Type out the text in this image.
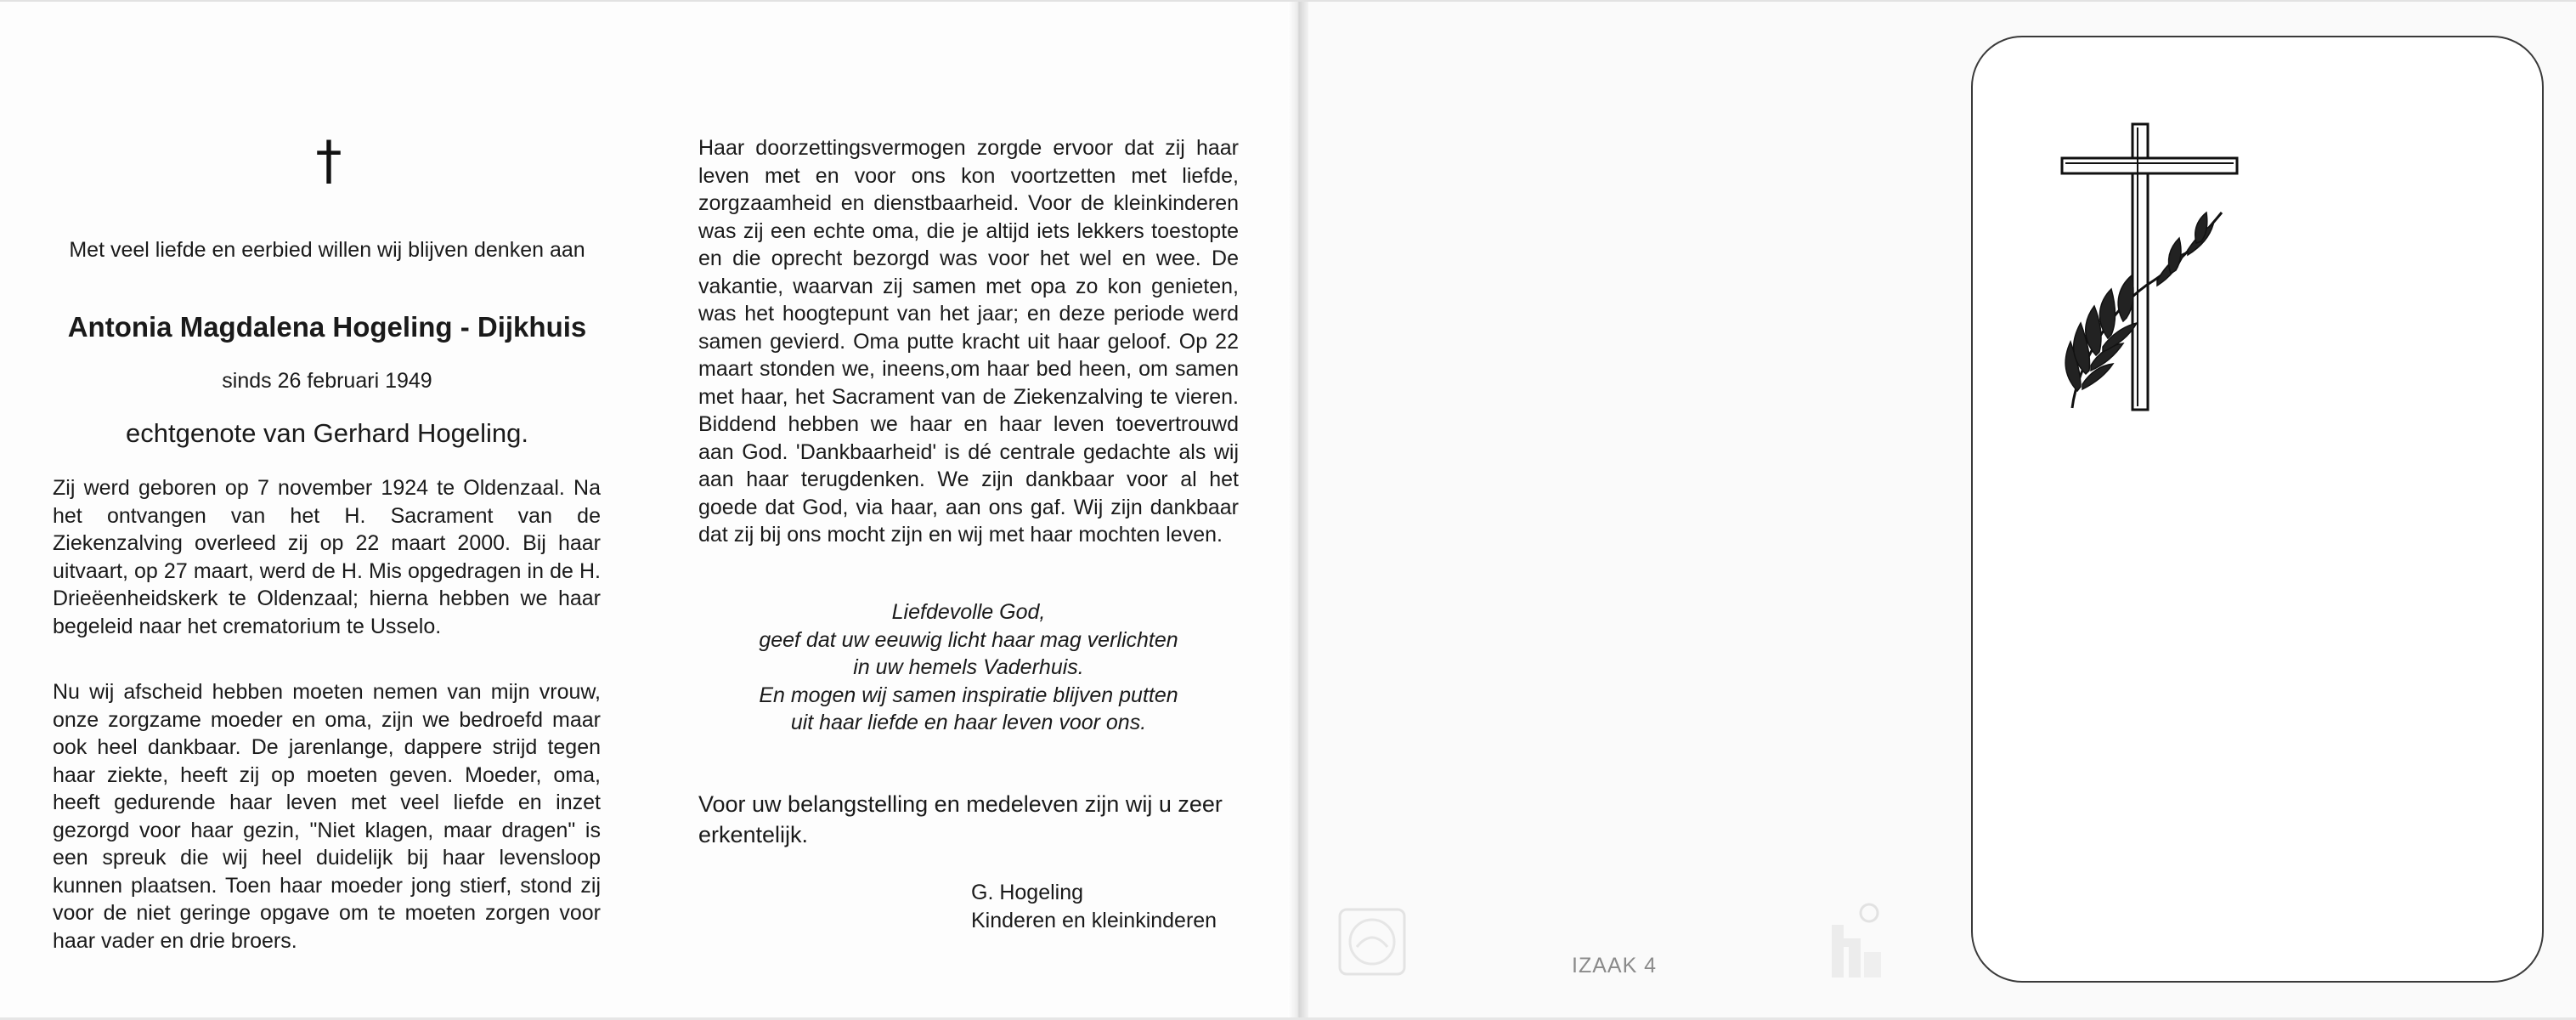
†
Met veel liefde en eerbied willen wij blijven denken aan
Antonia Magdalena Hogeling - Dijkhuis
sinds 26 februari 1949
echtgenote van Gerhard Hogeling.

Zij werd geboren op 7 november 1924 te Oldenzaal. Na het ontvangen van het H. Sacrament van de Ziekenzalving overleed zij op 22 maart 2000. Bij haar uitvaart, op 27 maart, werd de H. Mis opgedragen in de H. Drieëenheidskerk te Oldenzaal; hierna hebben we haar begeleid naar het crematorium te Usselo.

Nu wij afscheid hebben moeten nemen van mijn vrouw, onze zorgzame moeder en oma, zijn we bedroefd maar ook heel dankbaar. De jarenlange, dappere strijd tegen haar ziekte, heeft zij op moeten geven. Moeder, oma, heeft gedurende haar leven met veel liefde en inzet gezorgd voor haar gezin, "Niet klagen, maar dragen" is een spreuk die wij heel duidelijk bij haar levensloop kunnen plaatsen. Toen haar moeder jong stierf, stond zij voor de niet geringe opgave om te moeten zorgen voor haar vader en drie broers.

Haar doorzettingsvermogen zorgde ervoor dat zij haar leven met en voor ons kon voortzetten met liefde, zorgzaamheid en dienstbaarheid. Voor de kleinkinderen was zij een echte oma, die je altijd iets lekkers toestopte en die oprecht bezorgd was voor het wel en wee. De vakantie, waarvan zij samen met opa zo kon genieten, was het hoogtepunt van het jaar; en deze periode werd samen gevierd. Oma putte kracht uit haar geloof. Op 22 maart stonden we, ineens,om haar bed heen, om samen met haar, het Sacrament van de Ziekenzalving te vieren. Biddend hebben we haar en haar leven toevertrouwd aan God. 'Dankbaarheid' is dé centrale gedachte als wij aan haar terugdenken. We zijn dankbaar voor al het goede dat God, via haar, aan ons gaf. Wij zijn dankbaar dat zij bij ons mocht zijn en wij met haar mochten leven.

Liefdevolle God,
geef dat uw eeuwig licht haar mag verlichten
in uw hemels Vaderhuis.
En mogen wij samen inspiratie blijven putten
uit haar liefde en haar leven voor ons.

Voor uw belangstelling en medeleven zijn wij u zeer erkentelijk.

G. Hogeling
Kinderen en kleinkinderen
IZAAK 4
